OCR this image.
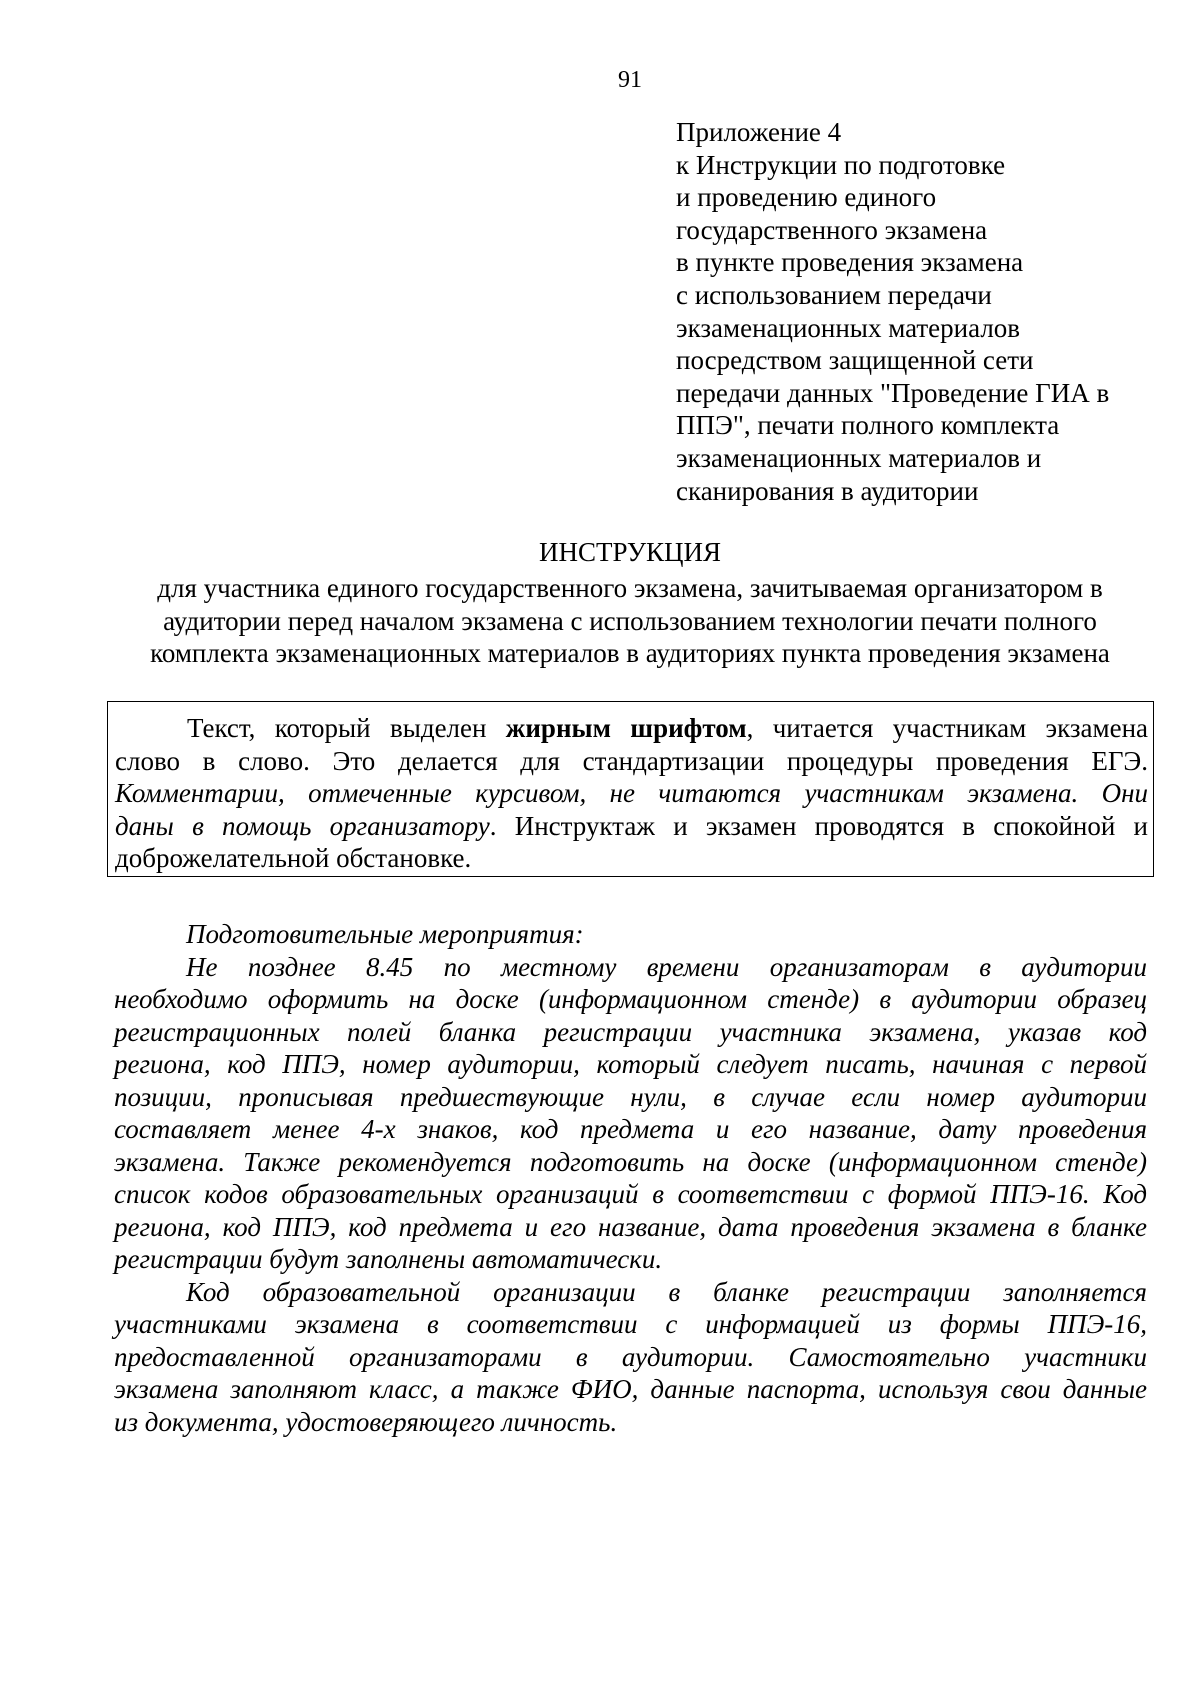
91
Приложение 4
к Инструкции по подготовке
и проведению единого
государственного экзамена
в пункте проведения экзамена
с использованием передачи
экзаменационных материалов
посредством защищенной сети
передачи данных "Проведение ГИА в
ППЭ", печати полного комплекта
экзаменационных материалов и
сканирования в аудитории
ИНСТРУКЦИЯ
для участника единого государственного экзамена, зачитываемая организатором в
аудитории перед началом экзамена с использованием технологии печати полного
комплекта экзаменационных материалов в аудиториях пункта проведения экзамена
Текст, который выделен жирным шрифтом, читается участникам экзамена
слово в слово. Это делается для стандартизации процедуры проведения ЕГЭ.
Комментарии, отмеченные курсивом, не читаются участникам экзамена. Они
даны в помощь организатору. Инструктаж и экзамен проводятся в спокойной и
доброжелательной обстановке.
Подготовительные мероприятия:
Не позднее 8.45 по местному времени организаторам в аудитории
необходимо оформить на доске (информационном стенде) в аудитории образец
регистрационных полей бланка регистрации участника экзамена, указав код
региона, код ППЭ, номер аудитории, который следует писать, начиная с первой
позиции, прописывая предшествующие нули, в случае если номер аудитории
составляет менее 4-х знаков, код предмета и его название, дату проведения
экзамена. Также рекомендуется подготовить на доске (информационном стенде)
список кодов образовательных организаций в соответствии с формой ППЭ-16. Код
региона, код ППЭ, код предмета и его название, дата проведения экзамена в бланке
регистрации будут заполнены автоматически.
Код образовательной организации в бланке регистрации заполняется
участниками экзамена в соответствии с информацией из формы ППЭ-16,
предоставленной организаторами в аудитории. Самостоятельно участники
экзамена заполняют класс, а также ФИО, данные паспорта, используя свои данные
из документа, удостоверяющего личность.
